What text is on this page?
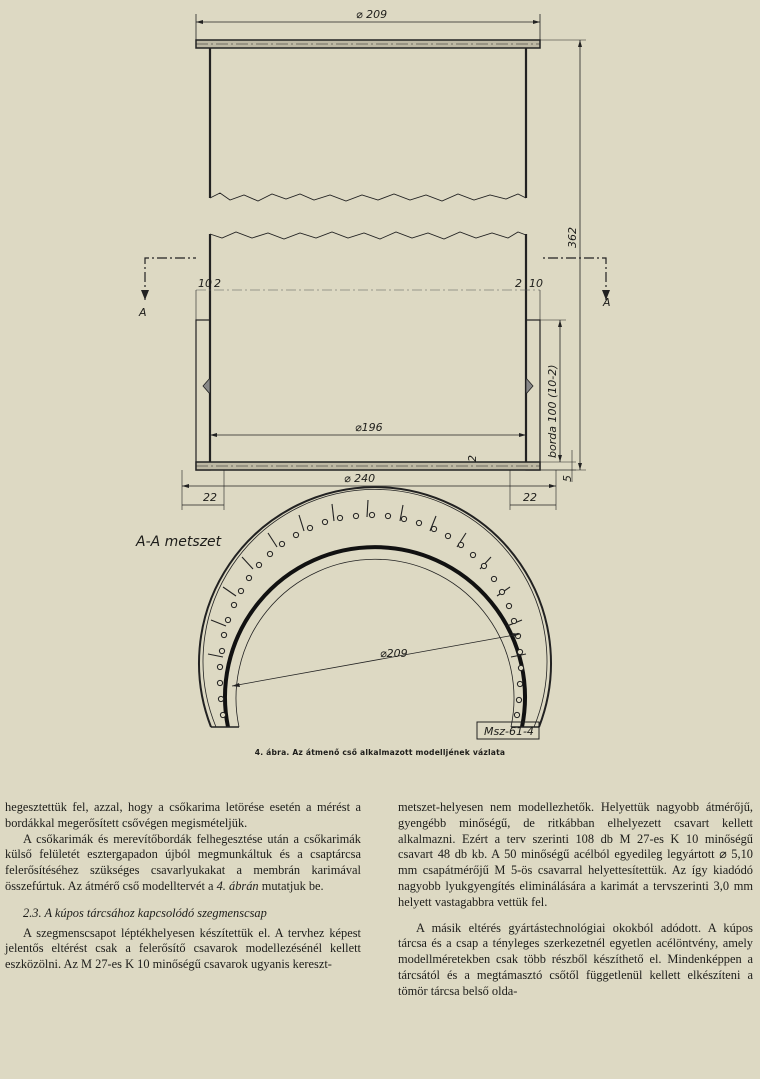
⌀ 209
A
A
10 2	2 10
362
borda 100 (10-2)
5
⌀196
2
⌀ 240
22	22
A-A metszet
⌀209
Msz-61-4
4. ábra. Az átmenő cső alkalmazott modelljének vázlata

hegesztettük fel, azzal, hogy a csőkarima letörése esetén a mérést a bordákkal megerősített csővégen megismételjük.

A csőkarimák és merevítőbordák felhegesztése után a csőkarimák külső felületét esztergapadon újból megmunkáltuk és a csaptárcsa felerősítéséhez szükséges csavarlyukakat a membrán karimával összefúrtuk. Az átmérő cső modelltervét a 4. ábrán mutatjuk be.

2.3. A kúpos tárcsához kapcsolódó szegmenscsap

A szegmenscsapot léptékhelyesen készítettük el. A tervhez képest jelentős eltérést csak a felerősítő csavarok modellezésénél kellett eszközölni. Az M 27-es K 10 minőségű csavarok ugyanis kereszt-

metszet-helyesen nem modellezhetők. Helyettük nagyobb átmérőjű, gyengébb minőségű, de ritkábban elhelyezett csavart kellett alkalmazni. Ezért a terv szerinti 108 db M 27-es K 10 minőségű csavart 48 db kb. A 50 minőségű acélból egyedileg legyártott ⌀ 5,10 mm csapátmérőjű M 5-ös csavarral helyettesítettük. Az így kiadódó nagyobb lyukgyengítés eliminálására a karimát a tervszerinti 3,0 mm helyett vastagabbra vettük fel.

A másik eltérés gyártástechnológiai okokból adódott. A kúpos tárcsa és a csap a tényleges szerkezetnél egyetlen acélöntvény, amely modellméretekben csak több részből készíthető el. Mindenképpen a tárcsától és a megtámasztó csőtől függetlenül kellett elkészíteni a tömör tárcsa belső olda-
